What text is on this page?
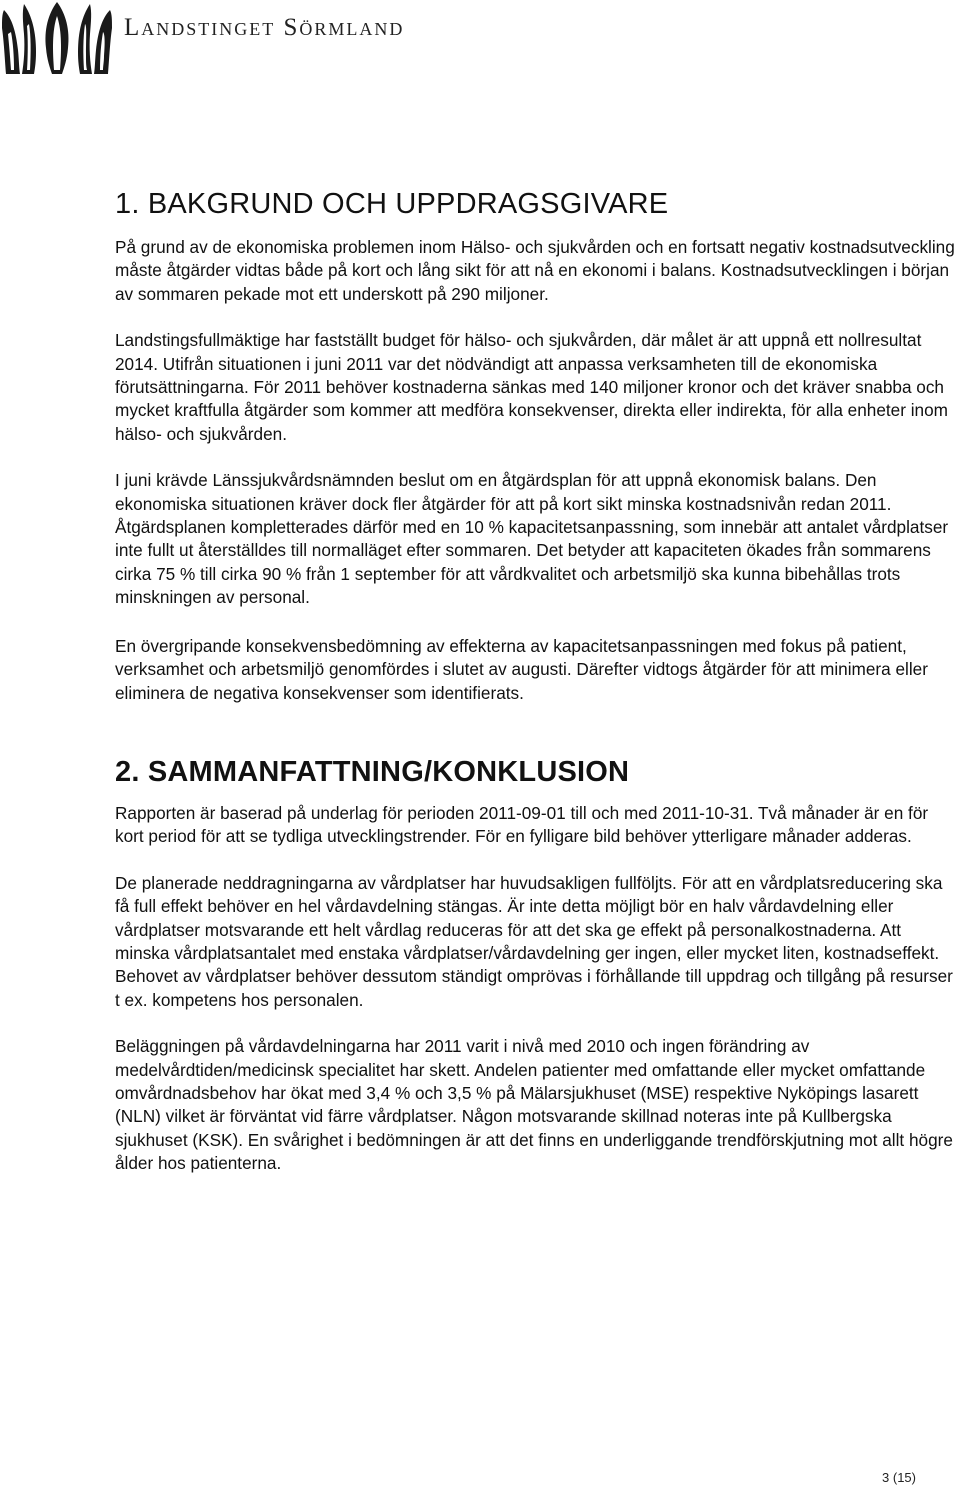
Landstinget Sörmland
1. BAKGRUND OCH UPPDRAGSGIVARE

På grund av de ekonomiska problemen inom Hälso- och sjukvården och en fortsatt negativ kostnadsutveckling måste åtgärder vidtas både på kort och lång sikt för att nå en ekonomi i balans. Kostnadsutvecklingen i början av sommaren pekade mot ett underskott på 290 miljoner.

Landstingsfullmäktige har fastställt budget för hälso- och sjukvården, där målet är att uppnå ett nollresultat 2014. Utifrån situationen i juni 2011 var det nödvändigt att anpassa verksamheten till de ekonomiska förutsättningarna. För 2011 behöver kostnaderna sänkas med 140 miljoner kronor och det kräver snabba och mycket kraftfulla åtgärder som kommer att medföra konsekvenser, direkta eller indirekta, för alla enheter inom hälso- och sjukvården.

I juni krävde Länssjukvårdsnämnden beslut om en åtgärdsplan för att uppnå ekonomisk balans. Den ekonomiska situationen kräver dock fler åtgärder för att på kort sikt minska kostnadsnivån redan 2011. Åtgärdsplanen kompletterades därför med en 10 % kapacitetsanpassning, som innebär att antalet vårdplatser inte fullt ut återställdes till normalläget efter sommaren. Det betyder att kapaciteten ökades från sommarens cirka 75 % till cirka 90 % från 1 september för att vårdkvalitet och arbetsmiljö ska kunna bibehållas trots minskningen av personal.

En övergripande konsekvensbedömning av effekterna av kapacitetsanpassningen med fokus på patient, verksamhet och arbetsmiljö genomfördes i slutet av augusti. Därefter vidtogs åtgärder för att minimera eller eliminera de negativa konsekvenser som identifierats.

2. SAMMANFATTNING/KONKLUSION

Rapporten är baserad på underlag för perioden 2011-09-01 till och med 2011-10-31. Två månader är en för kort period för att se tydliga utvecklingstrender. För en fylligare bild behöver ytterligare månader adderas.

De planerade neddragningarna av vårdplatser har huvudsakligen fullföljts. För att en vårdplatsreducering ska få full effekt behöver en hel vårdavdelning stängas. Är inte detta möjligt bör en halv vårdavdelning eller vårdplatser motsvarande ett helt vårdlag reduceras för att det ska ge effekt på personalkostnaderna. Att minska vårdplatsantalet med enstaka vårdplatser/vårdavdelning ger ingen, eller mycket liten, kostnadseffekt. Behovet av vårdplatser behöver dessutom ständigt omprövas i förhållande till uppdrag och tillgång på resurser t ex. kompetens hos personalen.

Beläggningen på vårdavdelningarna har 2011 varit i nivå med 2010 och ingen förändring av medelvårdtiden/medicinsk specialitet har skett. Andelen patienter med omfattande eller mycket omfattande omvårdnadsbehov har ökat med 3,4 % och 3,5 % på Mälarsjukhuset (MSE) respektive Nyköpings lasarett (NLN) vilket är förväntat vid färre vårdplatser. Någon motsvarande skillnad noteras inte på Kullbergska sjukhuset (KSK). En svårighet i bedömningen är att det finns en underliggande trendförskjutning mot allt högre ålder hos patienterna.

3 (15)
